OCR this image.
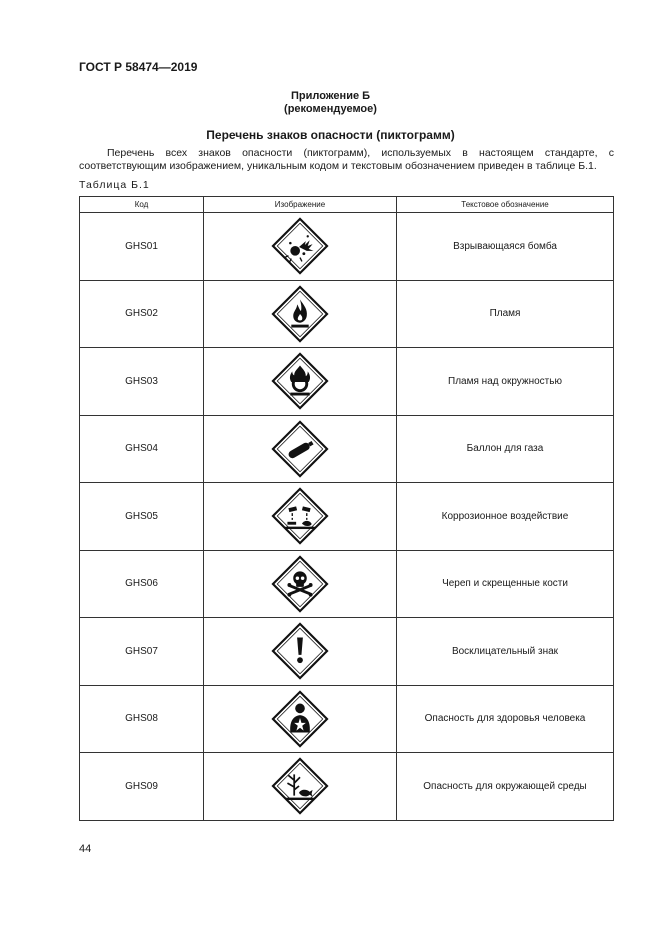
ГОСТ Р 58474—2019
Приложение Б
(рекомендуемое)
Перечень знаков опасности (пиктограмм)

Перечень всех знаков опасности (пиктограмм), используемых в настоящем стандарте, с соответствующим изображением, уникальным кодом и текстовым обозначением приведен в таблице Б.1.

Таблица Б.1
Код	Изображение	Текстовое обозначение
GHS01		Взрывающаяся бомба
GHS02		Пламя
GHS03		Пламя над окружностью
GHS04		Баллон для газа
GHS05		Коррозионное воздействие
GHS06		Череп и скрещенные кости
GHS07		Восклицательный знак
GHS08		Опасность для здоровья человека
GHS09		Опасность для окружающей среды
44
